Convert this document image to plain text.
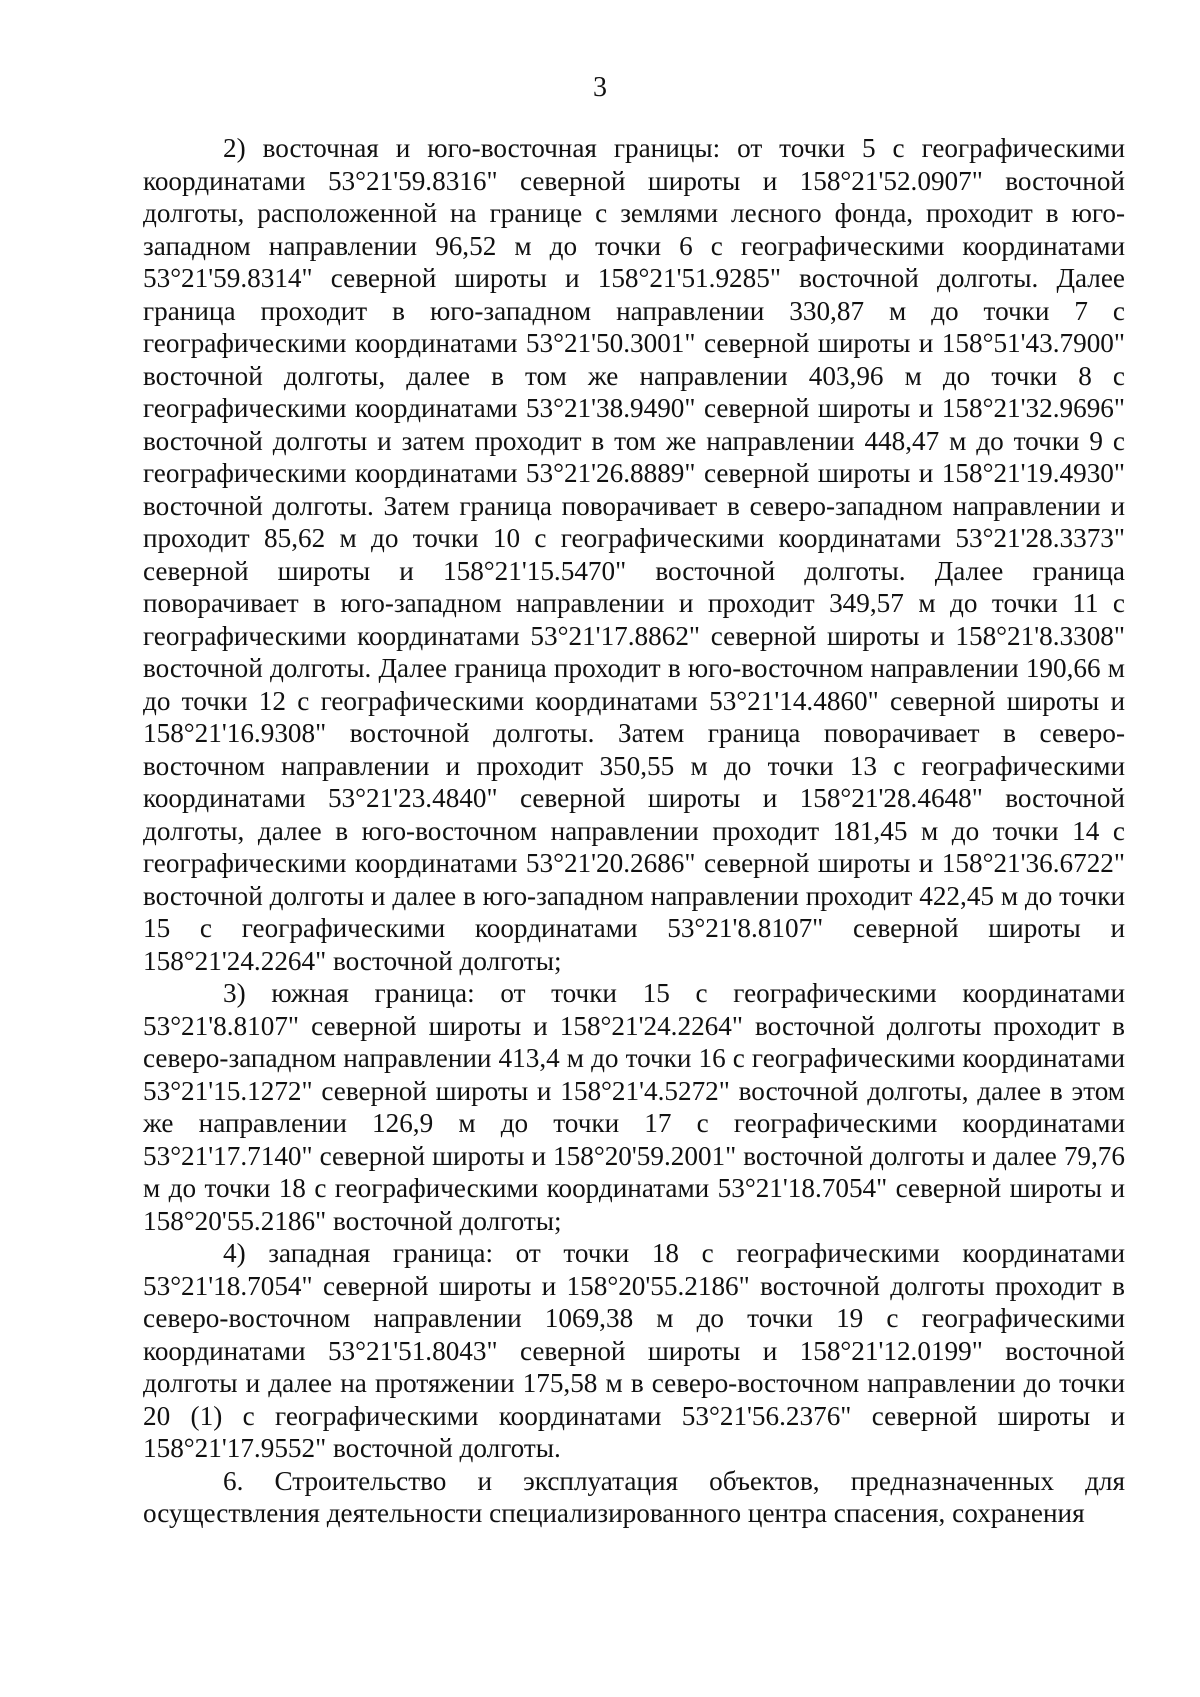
3

2) восточная и юго-восточная границы: от точки 5 с географическими координатами 53°21'59.8316" северной широты и 158°21'52.0907" восточной долготы, расположенной на границе с землями лесного фонда, проходит в юго-западном направлении 96,52 м до точки 6 с географическими координатами 53°21'59.8314" северной широты и 158°21'51.9285" восточной долготы. Далее граница проходит в юго-западном направлении 330,87 м до точки 7 с географическими координатами 53°21'50.3001" северной широты и 158°51'43.7900" восточной долготы, далее в том же направлении 403,96 м до точки 8 с географическими координатами 53°21'38.9490" северной широты и 158°21'32.9696" восточной долготы и затем проходит в том же направлении 448,47 м до точки 9 с географическими координатами 53°21'26.8889" северной широты и 158°21'19.4930" восточной долготы. Затем граница поворачивает в северо-западном направлении и проходит 85,62 м до точки 10 с географическими координатами 53°21'28.3373" северной широты и 158°21'15.5470" восточной долготы. Далее граница поворачивает в юго-западном направлении и проходит 349,57 м до точки 11 с географическими координатами 53°21'17.8862" северной широты и 158°21'8.3308" восточной долготы. Далее граница проходит в юго-восточном направлении 190,66 м до точки 12 с географическими координатами 53°21'14.4860" северной широты и 158°21'16.9308" восточной долготы. Затем граница поворачивает в северо-восточном направлении и проходит 350,55 м до точки 13 с географическими координатами 53°21'23.4840" северной широты и 158°21'28.4648" восточной долготы, далее в юго-восточном направлении проходит 181,45 м до точки 14 с географическими координатами 53°21'20.2686" северной широты и 158°21'36.6722" восточной долготы и далее в юго-западном направлении проходит 422,45 м до точки 15 с географическими координатами 53°21'8.8107" северной широты и 158°21'24.2264" восточной долготы;

3) южная граница: от точки 15 с географическими координатами 53°21'8.8107" северной широты и 158°21'24.2264" восточной долготы проходит в северо-западном направлении 413,4 м до точки 16 с географическими координатами 53°21'15.1272" северной широты и 158°21'4.5272" восточной долготы, далее в этом же направлении 126,9 м до точки 17 с географическими координатами 53°21'17.7140" северной широты и 158°20'59.2001" восточной долготы и далее 79,76 м до точки 18 с географическими координатами 53°21'18.7054" северной широты и 158°20'55.2186" восточной долготы;

4) западная граница: от точки 18 с географическими координатами 53°21'18.7054" северной широты и 158°20'55.2186" восточной долготы проходит в северо-восточном направлении 1069,38 м до точки 19 с географическими координатами 53°21'51.8043" северной широты и 158°21'12.0199" восточной долготы и далее на протяжении 175,58 м в северо-восточном направлении до точки 20 (1) с географическими координатами 53°21'56.2376" северной широты и 158°21'17.9552" восточной долготы.

6. Строительство и эксплуатация объектов, предназначенных для осуществления деятельности специализированного центра спасения, сохранения
